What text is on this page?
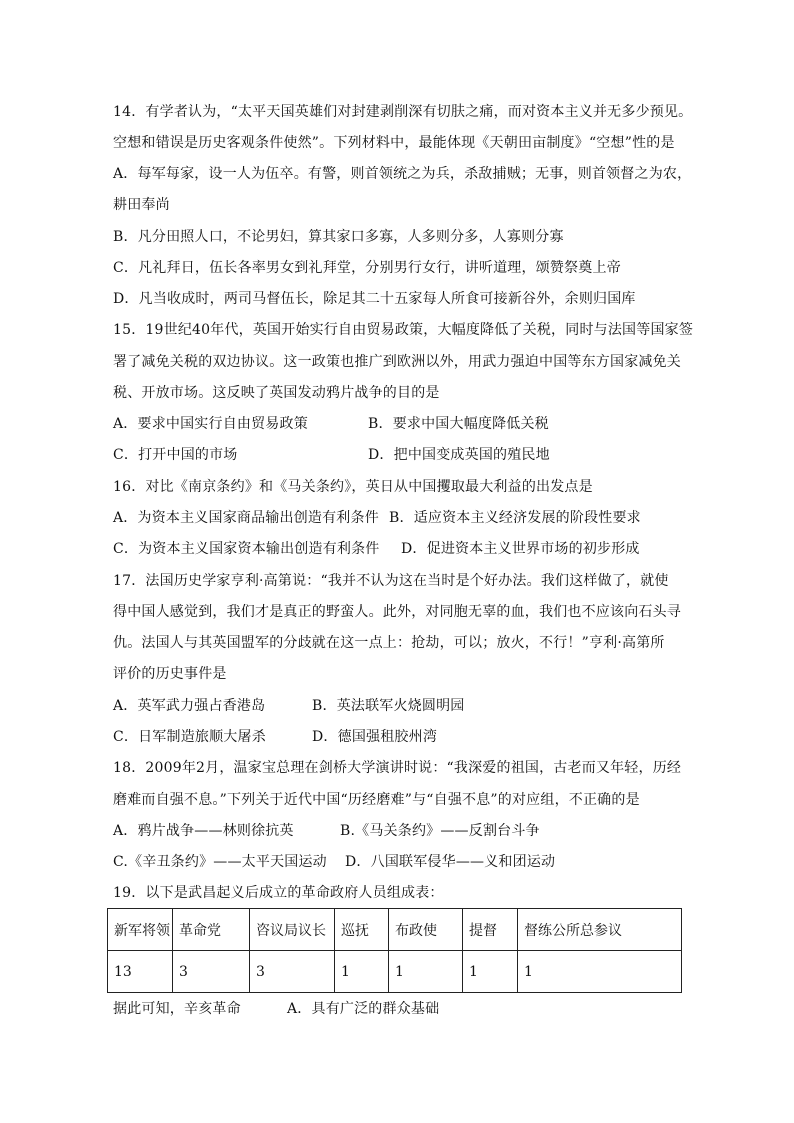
14．有学者认为，“太平天国英雄们对封建剥削深有切肤之痛，而对资本主义并无多少预见。
空想和错误是历史客观条件使然”。下列材料中，最能体现《天朝田亩制度》“空想”性的是
A．每军每家，设一人为伍卒。有警，则首领统之为兵，杀敌捕贼；无事，则首领督之为农，
耕田奉尚
B．凡分田照人口，不论男妇，算其家口多寡，人多则分多，人寡则分寡
C．凡礼拜日，伍长各率男女到礼拜堂，分别男行女行，讲听道理，颂赞祭奠上帝
D．凡当收成时，两司马督伍长，除足其二十五家每人所食可接新谷外，余则归国库
15．19世纪40年代，英国开始实行自由贸易政策，大幅度降低了关税，同时与法国等国家签
署了减免关税的双边协议。这一政策也推广到欧洲以外，用武力强迫中国等东方国家减免关
税、开放市场。这反映了英国发动鸦片战争的目的是
A．要求中国实行自由贸易政策	B．要求中国大幅度降低关税
C．打开中国的市场	D．把中国变成英国的殖民地
16．对比《南京条约》和《马关条约》，英日从中国攫取最大利益的出发点是
A．为资本主义国家商品输出创造有利条件 B．适应资本主义经济发展的阶段性要求
C．为资本主义国家资本输出创造有利条件 D．促进资本主义世界市场的初步形成
17．法国历史学家亨利·高第说：“我并不认为这在当时是个好办法。我们这样做了，就使
得中国人感觉到，我们才是真正的野蛮人。此外，对同胞无辜的血，我们也不应该向石头寻
仇。法国人与其英国盟军的分歧就在这一点上：抢劫，可以；放火，不行！”亨利·高第所
评价的历史事件是
A．英军武力强占香港岛	B．英法联军火烧圆明园
C．日军制造旅顺大屠杀	D．德国强租胶州湾
18．2009年2月，温家宝总理在剑桥大学演讲时说：“我深爱的祖国，古老而又年轻，历经
磨难而自强不息。”下列关于近代中国“历经磨难”与“自强不息”的对应组，不正确的是
A．鸦片战争——林则徐抗英	B.《马关条约》——反割台斗争
C.《辛丑条约》——太平天国运动 D．八国联军侵华——义和团运动
19．以下是武昌起义后成立的革命政府人员组成表：
新军将领	革命党	咨议局议长	巡抚	布政使	提督	督练公所总参议
13	3	3	1	1	1	1
据此可知，辛亥革命	A．具有广泛的群众基础
